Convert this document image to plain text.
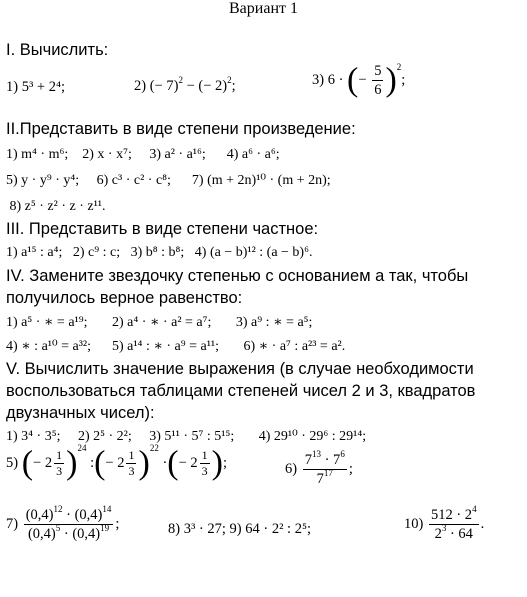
Вариант 1
I. Вычислить:
1) 5³ + 2⁴;	2) (− 7)$^2$ − (− 2)$^2$;	3) 6 · (− $\frac{5}{6} )^2$;
II.Представить в виде степени произведение:
1) m⁴ · m⁶;    2) x · x⁷;     3) a² · a¹⁶;      4) a⁶ · a⁶;
5) y · y⁹ · y⁴;     6) c³ · c² · c⁸;      7) (m + 2n)¹⁰ · (m + 2n);
8) z⁵ · z² · z · z¹¹.
III. Представить в виде степени частное:
1) a¹⁵ : a⁴;   2) c⁹ : c;   3) b⁸ : b⁸;   4) (a − b)¹² : (a − b)⁶.
IV. Замените звездочку степенью с основанием a так, чтобы
получилось верное равенство:
1) a⁵ · ∗ = a¹⁹;       2) a⁴ · ∗ · a² = a⁷;       3) a⁹ : ∗ = a⁵;
4) ∗ : a¹⁰ = a³²;      5) a¹⁴ : ∗ · a⁹ = a¹¹;       6) ∗ · a⁷ : a²³ = a².
V. Вычислить значение выражения (в случае необходимости
воспользоваться таблицами степеней чисел 2 и 3, квадратов
двузначных чисел):
1) 3⁴ · 3⁵;     2) 2⁵ · 2²;     3) 5¹¹ · 5⁷ : 5¹⁵;       4) 29¹⁰ · 29⁶ : 29¹⁴;
5) (− $2 \frac{1}{3} )^{24}$ :(− $2 \frac{1}{3} )^{22}$ ·(− $2 \frac{1}{3}$ );	$6) \frac{7^{13} \cdot 7^6}{7^{17}}$ ;
$7) \frac{(0,4)^{12} \cdot (0,4)^{14}}{(0,4)^5 \cdot (0,4)^{19}}$ ;	8) 3³ · 27; 9) 64 · 2² : 2⁵;	$10) \frac{512 \cdot 2^4}{2^3 \cdot 64}$ .
